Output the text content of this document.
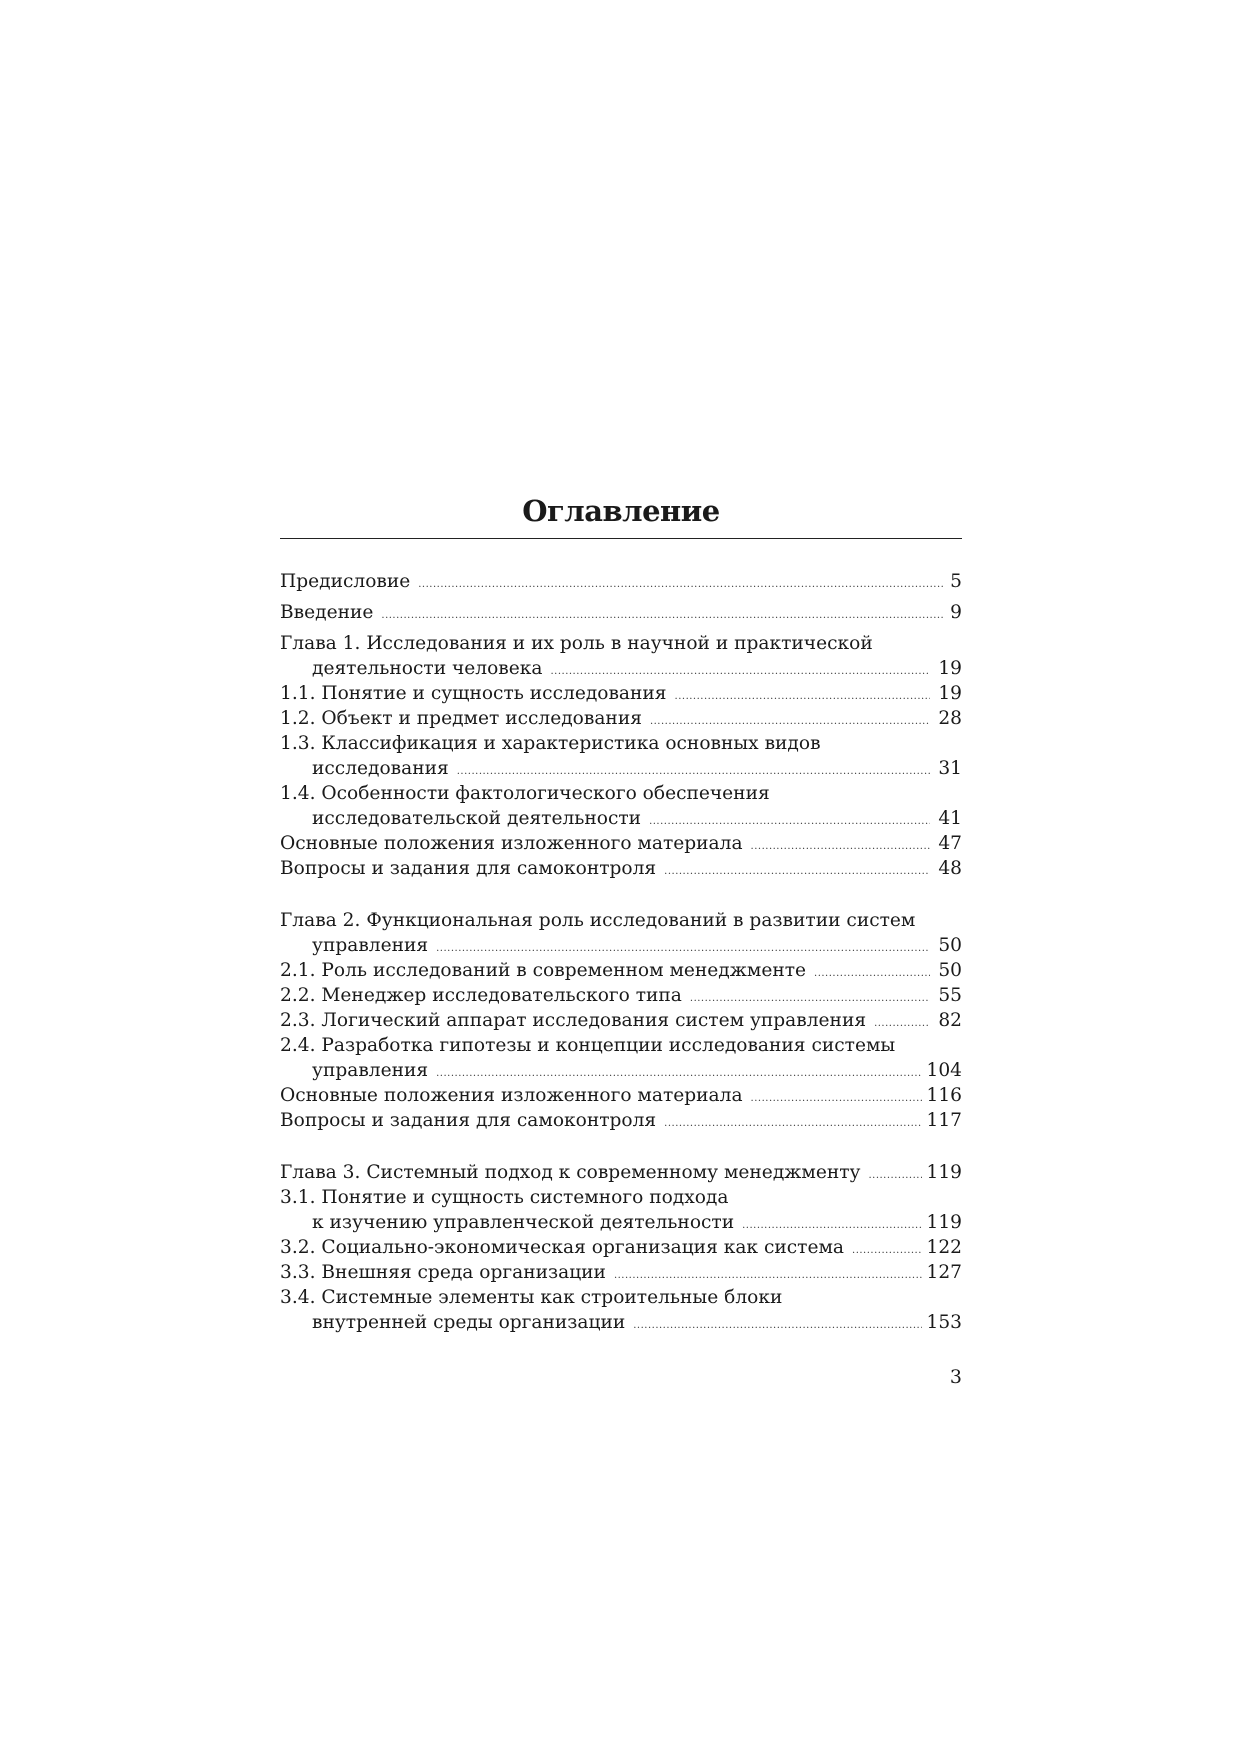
Оглавление
Предисловие .....	5
Введение .....	9
Глава 1. Исследования и их роль в научной и практической
деятельности человека .....	19
1.1. Понятие и сущность исследования .....	19
1.2. Объект и предмет исследования .....	28
1.3. Классификация и характеристика основных видов
исследования .....	31
1.4. Особенности фактологического обеспечения
исследовательской деятельности .....	41
Основные положения изложенного материала .....	47
Вопросы и задания для самоконтроля .....	48
Глава 2. Функциональная роль исследований в развитии систем
управления .....	50
2.1. Роль исследований в современном менеджменте .....	50
2.2. Менеджер исследовательского типа .....	55
2.3. Логический аппарат исследования систем управления .....	82
2.4. Разработка гипотезы и концепции исследования системы
управления .....	104
Основные положения изложенного материала .....	116
Вопросы и задания для самоконтроля .....	117
Глава 3. Системный подход к современному менеджменту .....	119
3.1. Понятие и сущность системного подхода
к изучению управленческой деятельности .....	119
3.2. Социально-экономическая организация как система .....	122
3.3. Внешняя среда организации .....	127
3.4. Системные элементы как строительные блоки
внутренней среды организации .....	153
3
